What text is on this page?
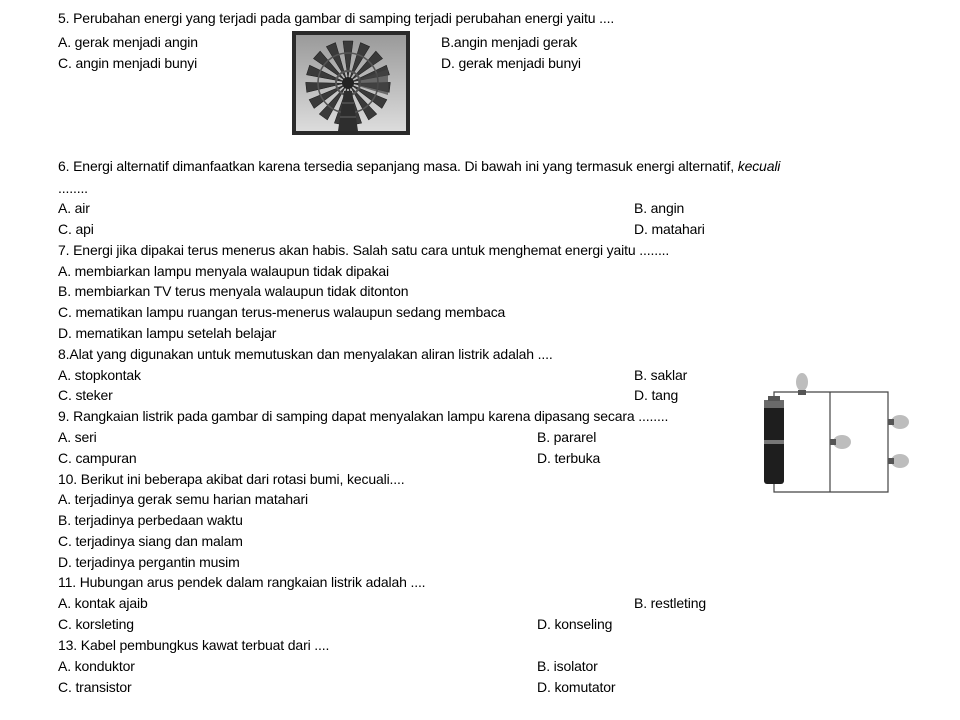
5. Perubahan energi yang terjadi pada gambar di samping terjadi perubahan energi yaitu ....
A. gerak menjadi angin	B.angin menjadi gerak
C. angin menjadi bunyi	D. gerak menjadi bunyi
6. Energi alternatif dimanfaatkan karena tersedia sepanjang masa. Di bawah ini yang termasuk energi alternatif, kecuali
........
A. air	B. angin
C. api	D. matahari
7. Energi jika dipakai terus menerus akan habis. Salah satu cara untuk menghemat energi yaitu ........
A. membiarkan lampu menyala walaupun tidak dipakai
B. membiarkan TV terus menyala walaupun tidak ditonton
C. mematikan lampu ruangan terus-menerus walaupun sedang membaca
D. mematikan lampu setelah belajar
8.Alat yang digunakan untuk memutuskan dan menyalakan aliran listrik adalah ....
A. stopkontak	B. saklar
C. steker	D. tang
9. Rangkaian listrik pada gambar di samping dapat menyalakan lampu karena dipasang secara ........
A. seri	B. pararel
C. campuran	D. terbuka
10. Berikut ini beberapa akibat dari rotasi bumi, kecuali....
A. terjadinya gerak semu harian matahari
B. terjadinya perbedaan waktu
C. terjadinya siang dan malam
D. terjadinya pergantin musim
11. Hubungan arus pendek dalam rangkaian listrik adalah ....
A. kontak ajaib	B. restleting
C. korsleting	D. konseling
13. Kabel pembungkus kawat terbuat dari ....
A. konduktor	B. isolator
C. transistor	D. komutator
